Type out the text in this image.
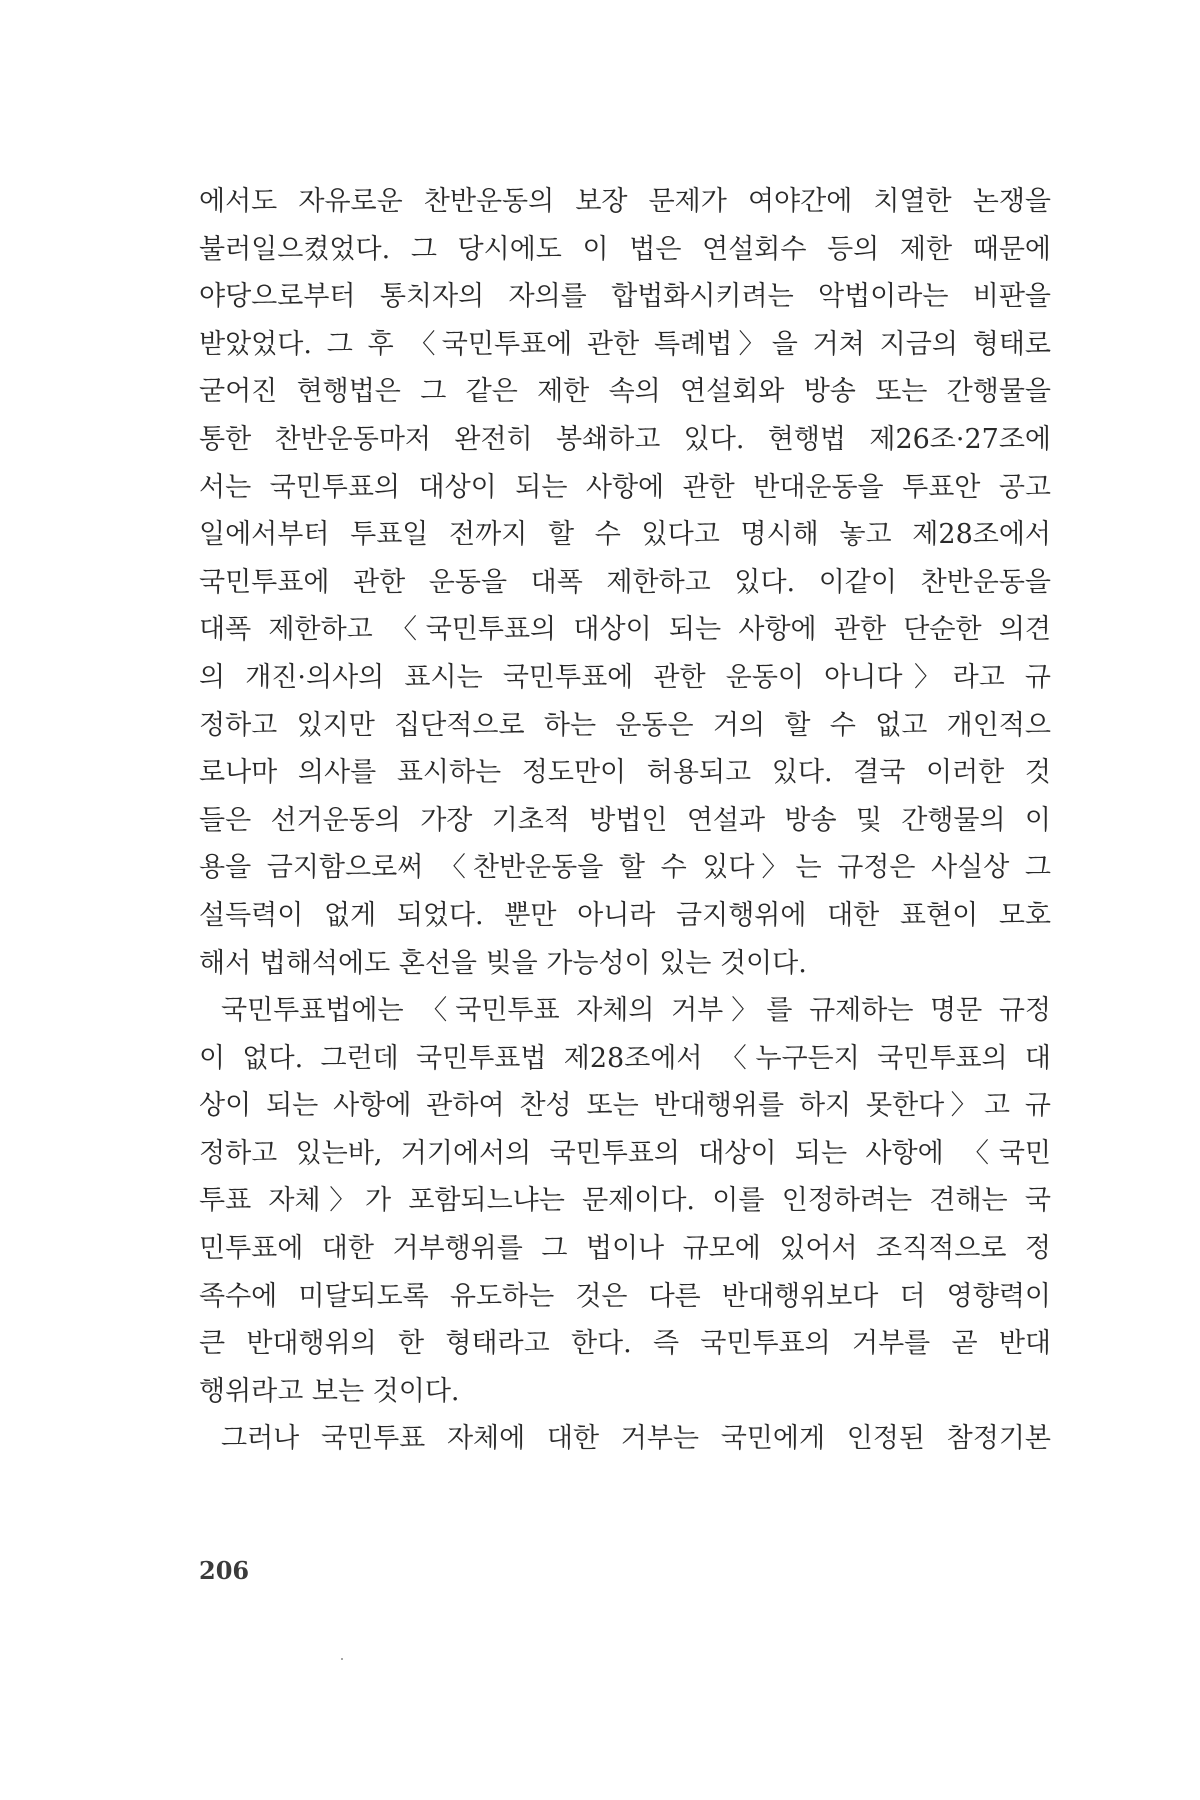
에서도 자유로운 찬반운동의 보장 문제가 여야간에 치열한 논쟁을
불러일으켰었다. 그 당시에도 이 법은 연설회수 등의 제한 때문에
야당으로부터 통치자의 자의를 합법화시키려는 악법이라는 비판을
받았었다. 그 후 〈국민투표에 관한 특례법〉을 거쳐 지금의 형태로
굳어진 현행법은 그 같은 제한 속의 연설회와 방송 또는 간행물을
통한 찬반운동마저 완전히 봉쇄하고 있다. 현행법 제26조·27조에
서는 국민투표의 대상이 되는 사항에 관한 반대운동을 투표안 공고
일에서부터 투표일 전까지 할 수 있다고 명시해 놓고 제28조에서
국민투표에 관한 운동을 대폭 제한하고 있다. 이같이 찬반운동을
대폭 제한하고 〈국민투표의 대상이 되는 사항에 관한 단순한 의견
의 개진·의사의 표시는 국민투표에 관한 운동이 아니다〉라고 규
정하고 있지만 집단적으로 하는 운동은 거의 할 수 없고 개인적으
로나마 의사를 표시하는 정도만이 허용되고 있다. 결국 이러한 것
들은 선거운동의 가장 기초적 방법인 연설과 방송 및 간행물의 이
용을 금지함으로써 〈찬반운동을 할 수 있다〉는 규정은 사실상 그
설득력이 없게 되었다. 뿐만 아니라 금지행위에 대한 표현이 모호
해서 법해석에도 혼선을 빚을 가능성이 있는 것이다.
국민투표법에는 〈국민투표 자체의 거부〉를 규제하는 명문 규정
이 없다. 그런데 국민투표법 제28조에서 〈누구든지 국민투표의 대
상이 되는 사항에 관하여 찬성 또는 반대행위를 하지 못한다〉고 규
정하고 있는바, 거기에서의 국민투표의 대상이 되는 사항에 〈국민
투표 자체〉가 포함되느냐는 문제이다. 이를 인정하려는 견해는 국
민투표에 대한 거부행위를 그 법이나 규모에 있어서 조직적으로 정
족수에 미달되도록 유도하는 것은 다른 반대행위보다 더 영향력이
큰 반대행위의 한 형태라고 한다. 즉 국민투표의 거부를 곧 반대
행위라고 보는 것이다.
그러나 국민투표 자체에 대한 거부는 국민에게 인정된 참정기본
206
